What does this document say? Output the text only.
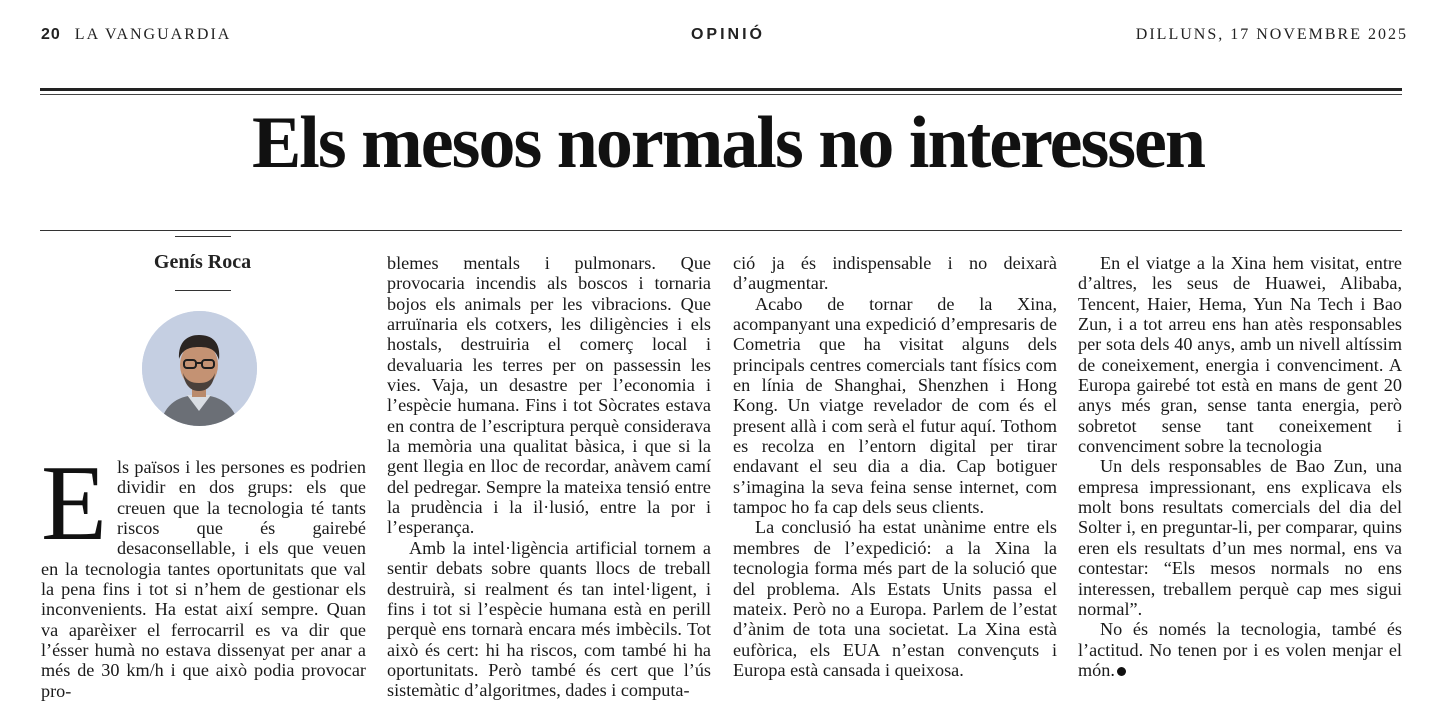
20 LA VANGUARDIA	OPINIÓ	DILLUNS, 17 NOVEMBRE 2025
Els mesos normals no interessen
Genís Roca
E ls països i les persones es podrien dividir en dos grups: els que creuen que la tecnologia té tants riscos que és gairebé desaconsellable, i els que veuen en la tecnologia tantes oportunitats que val la pena fins i tot si n’hem de gestionar els inconvenients. Ha estat així sempre. Quan va aparèixer el ferrocarril es va dir que l’ésser humà no estava dissenyat per anar a més de 30 km/h i que això podia provocar pro-

blemes mentals i pulmonars. Que provocaria incendis als boscos i tornaria bojos els animals per les vibracions. Que arruïnaria els cotxers, les diligències i els hostals, destruiria el comerç local i devaluaria les terres per on passessin les vies. Vaja, un desastre per l’economia i l’espècie humana. Fins i tot Sòcrates estava en contra de l’escriptura perquè considerava la memòria una qualitat bàsica, i que si la gent llegia en lloc de recordar, anàvem camí del pedregar. Sempre la mateixa tensió entre la prudència i la il·lusió, entre la por i l’esperança.

Amb la intel·ligència artificial tornem a sentir debats sobre quants llocs de treball destruirà, si realment és tan intel·ligent, i fins i tot si l’espècie humana està en perill perquè ens tornarà encara més imbècils. Tot això és cert: hi ha riscos, com també hi ha oportunitats. Però també és cert que l’ús sistemàtic d’algoritmes, dades i computa-

ció ja és indispensable i no deixarà d’augmentar.

Acabo de tornar de la Xina, acompanyant una expedició d’empresaris de Cometria que ha visitat alguns dels principals centres comercials tant físics com en línia de Shanghai, Shenzhen i Hong Kong. Un viatge revelador de com és el present allà i com serà el futur aquí. Tothom es recolza en l’entorn digital per tirar endavant el seu dia a dia. Cap botiguer s’imagina la seva feina sense internet, com tampoc ho fa cap dels seus clients.

La conclusió ha estat unànime entre els membres de l’expedició: a la Xina la tecnologia forma més part de la solució que del problema. Als Estats Units passa el mateix. Però no a Europa. Parlem de l’estat d’ànim de tota una societat. La Xina està eufòrica, els EUA n’estan convençuts i Europa està cansada i queixosa.

En el viatge a la Xina hem visitat, entre d’altres, les seus de Huawei, Alibaba, Tencent, Haier, Hema, Yun Na Tech i Bao Zun, i a tot arreu ens han atès responsables per sota dels 40 anys, amb un nivell altíssim de coneixement, energia i convenciment. A Europa gairebé tot està en mans de gent 20 anys més gran, sense tanta energia, però sobretot sense tant coneixement i convenciment sobre la tecnologia

Un dels responsables de Bao Zun, una empresa impressionant, ens explicava els molt bons resultats comercials del dia del Solter i, en preguntar-li, per comparar, quins eren els resultats d’un mes normal, ens va contestar: “Els mesos normals no ens interessen, treballem perquè cap mes sigui normal”.

No és només la tecnologia, també és l’actitud. No tenen por i es volen menjar el món.
